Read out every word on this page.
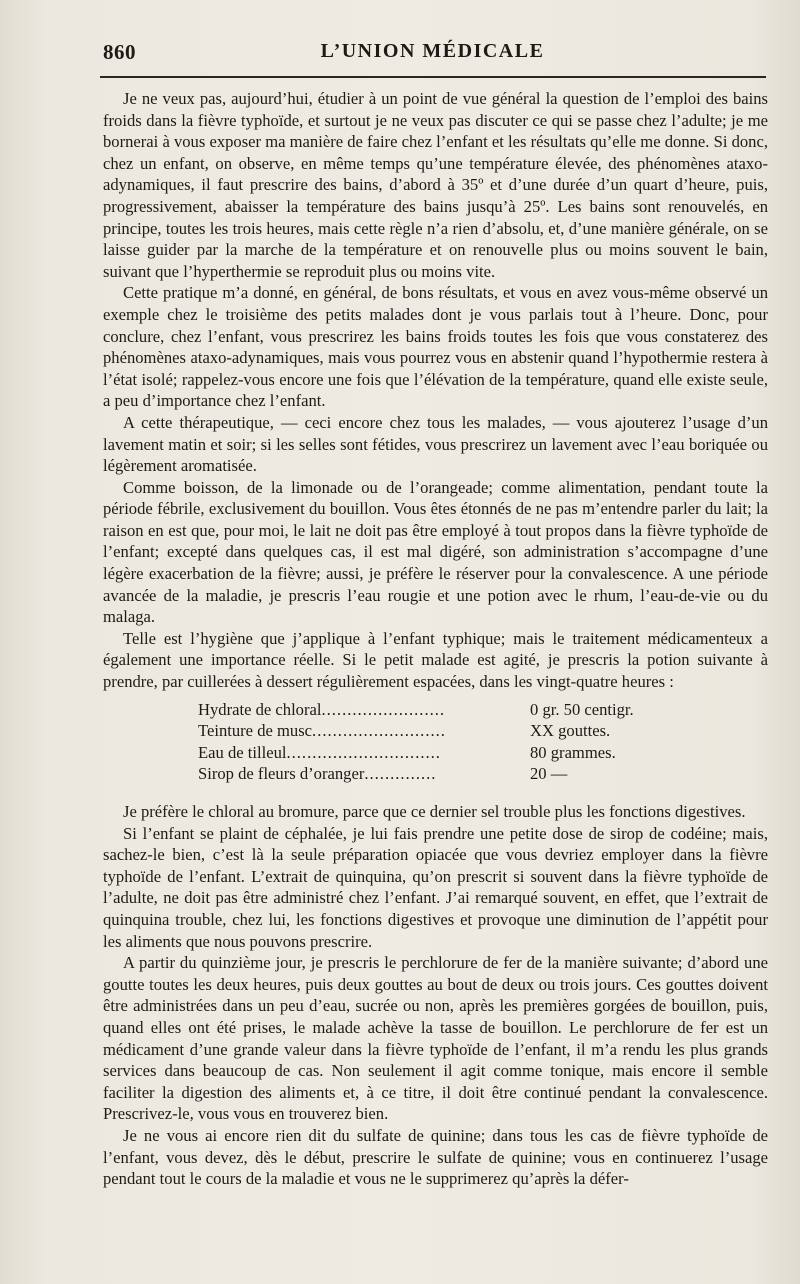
860	L’UNION MÉDICALE

Je ne veux pas, aujourd’hui, étudier à un point de vue général la question de l’emploi des bains froids dans la fièvre typhoïde, et surtout je ne veux pas discuter ce qui se passe chez l’adulte; je me bornerai à vous exposer ma manière de faire chez l’enfant et les résultats qu’elle me donne. Si donc, chez un enfant, on observe, en même temps qu’une température élevée, des phénomènes ataxo-adynamiques, il faut prescrire des bains, d’abord à 35º et d’une durée d’un quart d’heure, puis, progressivement, abaisser la température des bains jusqu’à 25º. Les bains sont renouvelés, en principe, toutes les trois heures, mais cette règle n’a rien d’absolu, et, d’une manière générale, on se laisse guider par la marche de la température et on renouvelle plus ou moins souvent le bain, suivant que l’hyperthermie se reproduit plus ou moins vite.

Cette pratique m’a donné, en général, de bons résultats, et vous en avez vous-même observé un exemple chez le troisième des petits malades dont je vous parlais tout à l’heure. Donc, pour conclure, chez l’enfant, vous prescrirez les bains froids toutes les fois que vous constaterez des phénomènes ataxo-adynamiques, mais vous pourrez vous en abstenir quand l’hypothermie restera à l’état isolé; rappelez-vous encore une fois que l’élévation de la température, quand elle existe seule, a peu d’importance chez l’enfant.

A cette thérapeutique, — ceci encore chez tous les malades, — vous ajouterez l’usage d’un lavement matin et soir; si les selles sont fétides, vous prescrirez un lavement avec l’eau boriquée ou légèrement aromatisée.

Comme boisson, de la limonade ou de l’orangeade; comme alimentation, pendant toute la période fébrile, exclusivement du bouillon. Vous êtes étonnés de ne pas m’entendre parler du lait; la raison en est que, pour moi, le lait ne doit pas être employé à tout propos dans la fièvre typhoïde de l’enfant; excepté dans quelques cas, il est mal digéré, son administration s’accompagne d’une légère exacerbation de la fièvre; aussi, je préfère le réserver pour la convalescence. A une période avancée de la maladie, je prescris l’eau rougie et une potion avec le rhum, l’eau-de-vie ou du malaga.

Telle est l’hygiène que j’applique à l’enfant typhique; mais le traitement médicamenteux a également une importance réelle. Si le petit malade est agité, je prescris la potion suivante à prendre, par cuillerées à dessert régulièrement espacées, dans les vingt-quatre heures :

Hydrate de chloral........................	0 gr. 50 centigr.
Teinture de musc..........................	XX gouttes.
Eau de tilleul..............................	80 grammes.
Sirop de fleurs d’oranger..............	20 —

Je préfère le chloral au bromure, parce que ce dernier sel trouble plus les fonctions digestives.

Si l’enfant se plaint de céphalée, je lui fais prendre une petite dose de sirop de codéine; mais, sachez-le bien, c’est là la seule préparation opiacée que vous devriez employer dans la fièvre typhoïde de l’enfant. L’extrait de quinquina, qu’on prescrit si souvent dans la fièvre typhoïde de l’adulte, ne doit pas être administré chez l’enfant. J’ai remarqué souvent, en effet, que l’extrait de quinquina trouble, chez lui, les fonctions digestives et provoque une diminution de l’appétit pour les aliments que nous pouvons prescrire.

A partir du quinzième jour, je prescris le perchlorure de fer de la manière suivante; d’abord une goutte toutes les deux heures, puis deux gouttes au bout de deux ou trois jours. Ces gouttes doivent être administrées dans un peu d’eau, sucrée ou non, après les premières gorgées de bouillon, puis, quand elles ont été prises, le malade achève la tasse de bouillon. Le perchlorure de fer est un médicament d’une grande valeur dans la fièvre typhoïde de l’enfant, il m’a rendu les plus grands services dans beaucoup de cas. Non seulement il agit comme tonique, mais encore il semble faciliter la digestion des aliments et, à ce titre, il doit être continué pendant la convalescence. Prescrivez-le, vous vous en trouverez bien.

Je ne vous ai encore rien dit du sulfate de quinine; dans tous les cas de fièvre typhoïde de l’enfant, vous devez, dès le début, prescrire le sulfate de quinine; vous en continuerez l’usage pendant tout le cours de la maladie et vous ne le supprimerez qu’après la défer-
